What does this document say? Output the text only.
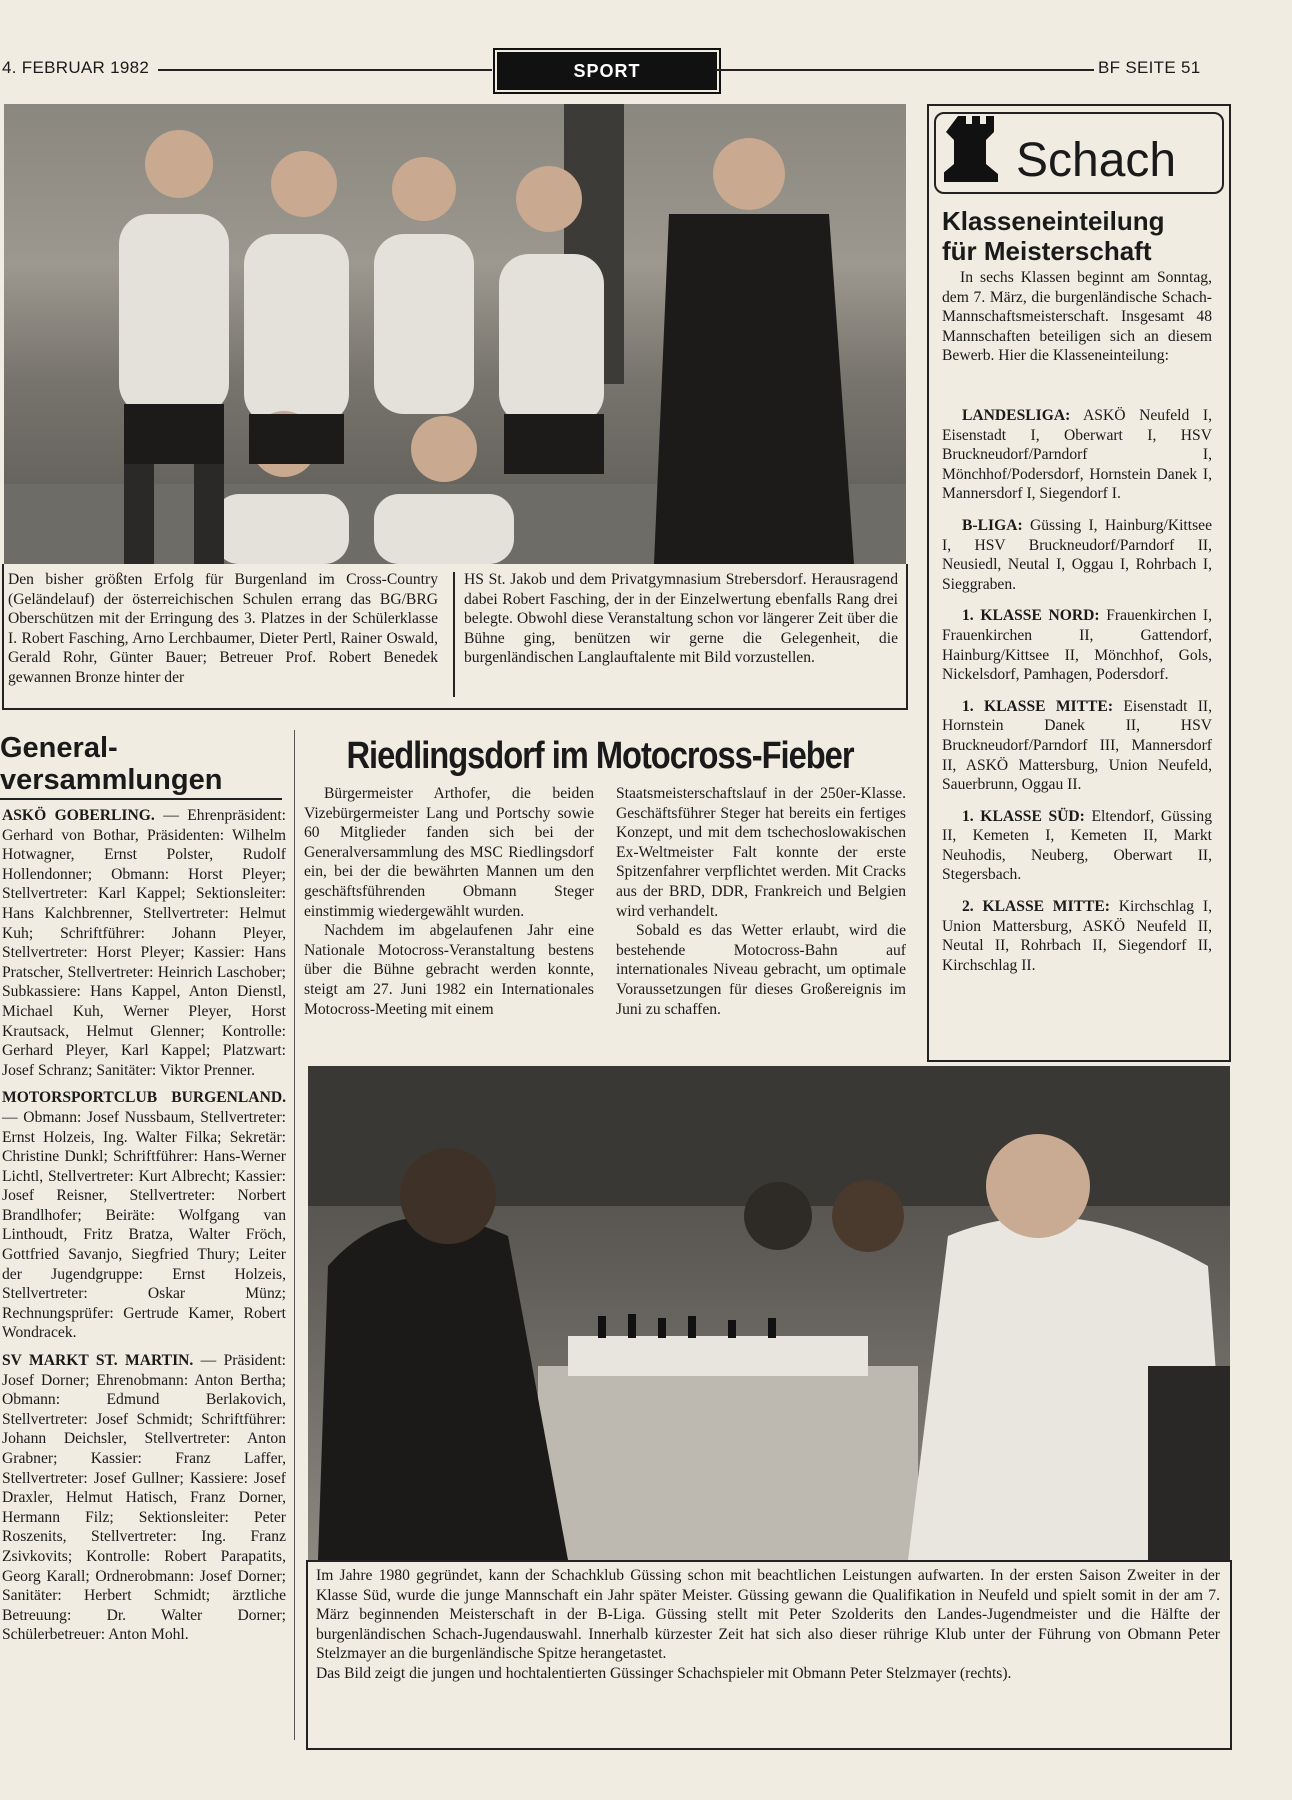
4. FEBRUAR 1982	SPORT	BF SEITE 51
Den bisher größten Erfolg für Burgenland im Cross-Country (Geländelauf) der österreichischen Schulen errang das BG/BRG Oberschützen mit der Erringung des 3. Platzes in der Schülerklasse I. Robert Fasching, Arno Lerchbaumer, Dieter Pertl, Rainer Oswald, Gerald Rohr, Günter Bauer; Betreuer Prof. Robert Benedek gewannen Bronze hinter der
HS St. Jakob und dem Privatgymnasium Strebersdorf. Herausragend dabei Robert Fasching, der in der Einzelwertung ebenfalls Rang drei belegte. Obwohl diese Veranstaltung schon vor längerer Zeit über die Bühne ging, benützen wir gerne die Gelegenheit, die burgenländischen Langlauftalente mit Bild vorzustellen.
Schach
Klasseneinteilung
für Meisterschaft

In sechs Klassen beginnt am Sonntag, dem 7. März, die burgenländische Schach-Mannschaftsmeisterschaft. Insgesamt 48 Mannschaften beteiligen sich an diesem Bewerb. Hier die Klasseneinteilung:

LANDESLIGA: ASKÖ Neufeld I, Eisenstadt I, Oberwart I, HSV Bruckneudorf/Parndorf I, Mönchhof/Podersdorf, Hornstein Danek I, Mannersdorf I, Siegendorf I.

B-LIGA: Güssing I, Hainburg/Kittsee I, HSV Bruckneudorf/Parndorf II, Neusiedl, Neutal I, Oggau I, Rohrbach I, Sieggraben.

1. KLASSE NORD: Frauenkirchen I, Frauenkirchen II, Gattendorf, Hainburg/Kittsee II, Mönchhof, Gols, Nickelsdorf, Pamhagen, Podersdorf.

1. KLASSE MITTE: Eisenstadt II, Hornstein Danek II, HSV Bruckneudorf/Parndorf III, Mannersdorf II, ASKÖ Mattersburg, Union Neufeld, Sauerbrunn, Oggau II.

1. KLASSE SÜD: Eltendorf, Güssing II, Kemeten I, Kemeten II, Markt Neuhodis, Neuberg, Oberwart II, Stegersbach.

2. KLASSE MITTE: Kirchschlag I, Union Mattersburg, ASKÖ Neufeld II, Neutal II, Rohrbach II, Siegendorf II, Kirchschlag II.

General-
versammlungen

ASKÖ GOBERLING. — Ehrenpräsident: Gerhard von Bothar, Präsidenten: Wilhelm Hotwagner, Ernst Polster, Rudolf Hollendonner; Obmann: Horst Pleyer; Stellvertreter: Karl Kappel; Sektionsleiter: Hans Kalchbrenner, Stellvertreter: Helmut Kuh; Schriftführer: Johann Pleyer, Stellvertreter: Horst Pleyer; Kassier: Hans Pratscher, Stellvertreter: Heinrich Laschober; Subkassiere: Hans Kappel, Anton Dienstl, Michael Kuh, Werner Pleyer, Horst Krautsack, Helmut Glenner; Kontrolle: Gerhard Pleyer, Karl Kappel; Platzwart: Josef Schranz; Sanitäter: Viktor Prenner.

MOTORSPORTCLUB BURGENLAND. — Obmann: Josef Nussbaum, Stellvertreter: Ernst Holzeis, Ing. Walter Filka; Sekretär: Christine Dunkl; Schriftführer: Hans-Werner Lichtl, Stellvertreter: Kurt Albrecht; Kassier: Josef Reisner, Stellvertreter: Norbert Brandlhofer; Beiräte: Wolfgang van Linthoudt, Fritz Bratza, Walter Fröch, Gottfried Savanjo, Siegfried Thury; Leiter der Jugendgruppe: Ernst Holzeis, Stellvertreter: Oskar Münz; Rechnungsprüfer: Gertrude Kamer, Robert Wondracek.

SV MARKT ST. MARTIN. — Präsident: Josef Dorner; Ehrenobmann: Anton Bertha; Obmann: Edmund Berlakovich, Stellvertreter: Josef Schmidt; Schriftführer: Johann Deichsler, Stellvertreter: Anton Grabner; Kassier: Franz Laffer, Stellvertreter: Josef Gullner; Kassiere: Josef Draxler, Helmut Hatisch, Franz Dorner, Hermann Filz; Sektionsleiter: Peter Roszenits, Stellvertreter: Ing. Franz Zsivkovits; Kontrolle: Robert Parapatits, Georg Karall; Ordnerobmann: Josef Dorner; Sanitäter: Herbert Schmidt; ärztliche Betreuung: Dr. Walter Dorner; Schülerbetreuer: Anton Mohl.

Riedlingsdorf im Motocross-Fieber

Bürgermeister Arthofer, die beiden Vizebürgermeister Lang und Portschy sowie 60 Mitglieder fanden sich bei der Generalversammlung des MSC Riedlingsdorf ein, bei der die bewährten Mannen um den geschäftsführenden Obmann Steger einstimmig wiedergewählt wurden.

Nachdem im abgelaufenen Jahr eine Nationale Motocross-Veranstaltung bestens über die Bühne gebracht werden konnte, steigt am 27. Juni 1982 ein Internationales Motocross-Meeting mit einem

Staatsmeisterschaftslauf in der 250er-Klasse. Geschäftsführer Steger hat bereits ein fertiges Konzept, und mit dem tschechoslowakischen Ex-Weltmeister Falt konnte der erste Spitzenfahrer verpflichtet werden. Mit Cracks aus der BRD, DDR, Frankreich und Belgien wird verhandelt.

Sobald es das Wetter erlaubt, wird die bestehende Motocross-Bahn auf internationales Niveau gebracht, um optimale Voraussetzungen für dieses Großereignis im Juni zu schaffen.

Im Jahre 1980 gegründet, kann der Schachklub Güssing schon mit beachtlichen Leistungen aufwarten. In der ersten Saison Zweiter in der Klasse Süd, wurde die junge Mannschaft ein Jahr später Meister. Güssing gewann die Qualifikation in Neufeld und spielt somit in der am 7. März beginnenden Meisterschaft in der B-Liga. Güssing stellt mit Peter Szolderits den Landes-Jugendmeister und die Hälfte der burgenländischen Schach-Jugendauswahl. Innerhalb kürzester Zeit hat sich also dieser rührige Klub unter der Führung von Obmann Peter Stelzmayer an die burgenländische Spitze herangetastet.

Das Bild zeigt die jungen und hochtalentierten Güssinger Schachspieler mit Obmann Peter Stelzmayer (rechts).
